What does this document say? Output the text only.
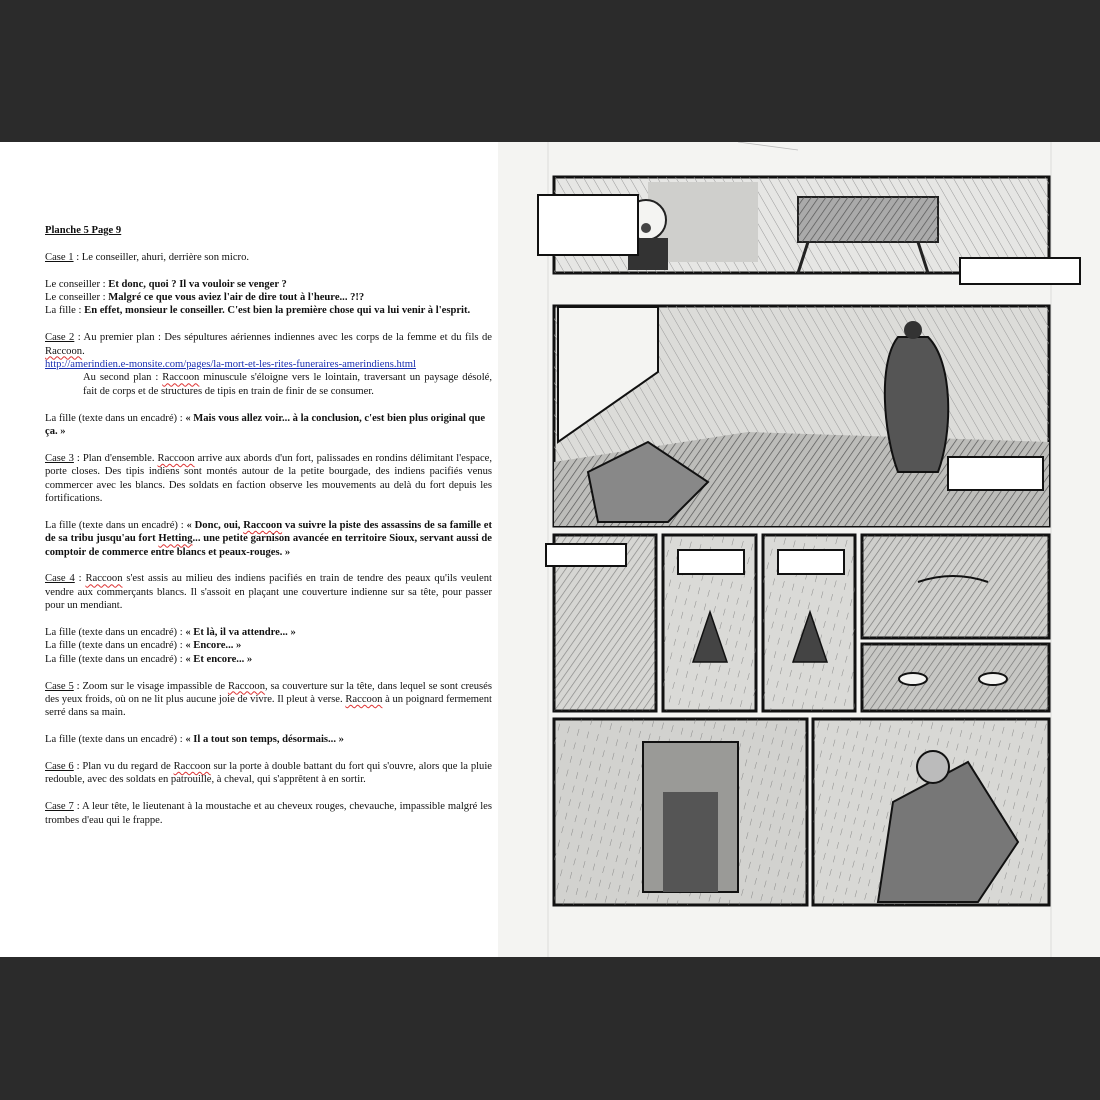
Planche 5 Page 9

Case 1 : Le conseiller, ahuri, derrière son micro.

Le conseiller : Et donc, quoi ? Il va vouloir se venger ?
Le conseiller : Malgré ce que vous aviez l'air de dire tout à l'heure... ?!?
La fille : En effet, monsieur le conseiller. C'est bien la première chose qui va lui venir à l'esprit.

Case 2 : Au premier plan : Des sépultures aériennes indiennes avec les corps de la femme et du fils de Raccoon.
http://amerindien.e-monsite.com/pages/la-mort-et-les-rites-funeraires-amerindiens.html

Au second plan : Raccoon minuscule s'éloigne vers le lointain, traversant un paysage désolé, fait de corps et de structures de tipis en train de finir de se consumer.

La fille (texte dans un encadré) : « Mais vous allez voir... à la conclusion, c'est bien plus original que ça. »

Case 3 : Plan d'ensemble. Raccoon arrive aux abords d'un fort, palissades en rondins délimitant l'espace, porte closes. Des tipis indiens sont montés autour de la petite bourgade, des indiens pacifiés venus commercer avec les blancs. Des soldats en faction observe les mouvements au delà du fort depuis les fortifications.

La fille (texte dans un encadré) : « Donc, oui, Raccoon va suivre la piste des assassins de sa famille et de sa tribu jusqu'au fort Hetting... une petite garnison avancée en territoire Sioux, servant aussi de comptoir de commerce entre blancs et peaux-rouges. »

Case 4 : Raccoon s'est assis au milieu des indiens pacifiés en train de tendre des peaux qu'ils veulent vendre aux commerçants blancs. Il s'assoit en plaçant une couverture indienne sur sa tête, pour passer pour un mendiant.

La fille (texte dans un encadré) : « Et là, il va attendre... »
La fille (texte dans un encadré) : « Encore... »
La fille (texte dans un encadré) : « Et encore... »

Case 5 : Zoom sur le visage impassible de Raccoon, sa couverture sur la tête, dans lequel se sont creusés des yeux froids, où on ne lit plus aucune joie de vivre. Il pleut à verse. Raccoon à un poignard fermement serré dans sa main.

La fille (texte dans un encadré) : « Il a tout son temps, désormais... »

Case 6 : Plan vu du regard de Raccoon sur la porte à double battant du fort qui s'ouvre, alors que la pluie redouble, avec des soldats en patrouille, à cheval, qui s'apprêtent à en sortir.

Case 7 : A leur tête, le lieutenant à la moustache et au cheveux rouges, chevauche, impassible malgré les trombes d'eau qui le frappe.
